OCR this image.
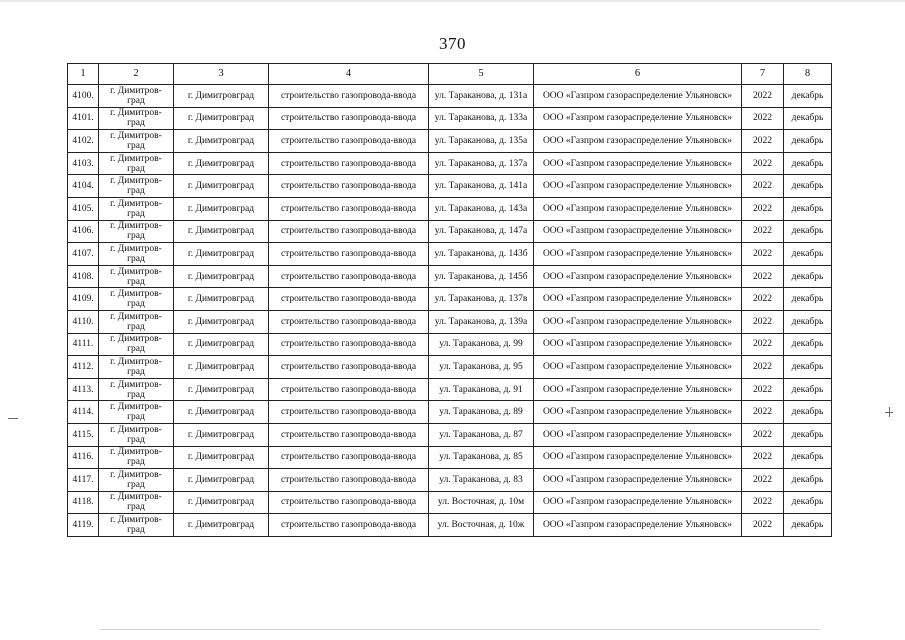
370
1	2	3	4	5	6	7	8
4100.	г. Димитров-град	г. Димитровград	строительство газопровода-ввода	ул. Тараканова, д. 131а	ООО «Газпром газораспределение Ульяновск»	2022	декабрь
4101.	г. Димитров-град	г. Димитровград	строительство газопровода-ввода	ул. Тараканова, д. 133а	ООО «Газпром газораспределение Ульяновск»	2022	декабрь
4102.	г. Димитров-град	г. Димитровград	строительство газопровода-ввода	ул. Тараканова, д. 135а	ООО «Газпром газораспределение Ульяновск»	2022	декабрь
4103.	г. Димитров-град	г. Димитровград	строительство газопровода-ввода	ул. Тараканова, д. 137а	ООО «Газпром газораспределение Ульяновск»	2022	декабрь
4104.	г. Димитров-град	г. Димитровград	строительство газопровода-ввода	ул. Тараканова, д. 141а	ООО «Газпром газораспределение Ульяновск»	2022	декабрь
4105.	г. Димитров-град	г. Димитровград	строительство газопровода-ввода	ул. Тараканова, д. 143а	ООО «Газпром газораспределение Ульяновск»	2022	декабрь
4106.	г. Димитров-град	г. Димитровград	строительство газопровода-ввода	ул. Тараканова, д. 147а	ООО «Газпром газораспределение Ульяновск»	2022	декабрь
4107.	г. Димитров-град	г. Димитровград	строительство газопровода-ввода	ул. Тараканова, д. 143б	ООО «Газпром газораспределение Ульяновск»	2022	декабрь
4108.	г. Димитров-град	г. Димитровград	строительство газопровода-ввода	ул. Тараканова, д. 145б	ООО «Газпром газораспределение Ульяновск»	2022	декабрь
4109.	г. Димитров-град	г. Димитровград	строительство газопровода-ввода	ул. Тараканова, д. 137в	ООО «Газпром газораспределение Ульяновск»	2022	декабрь
4110.	г. Димитров-град	г. Димитровград	строительство газопровода-ввода	ул. Тараканова, д. 139а	ООО «Газпром газораспределение Ульяновск»	2022	декабрь
4111.	г. Димитров-град	г. Димитровград	строительство газопровода-ввода	ул. Тараканова, д. 99	ООО «Газпром газораспределение Ульяновск»	2022	декабрь
4112.	г. Димитров-град	г. Димитровград	строительство газопровода-ввода	ул. Тараканова, д. 95	ООО «Газпром газораспределение Ульяновск»	2022	декабрь
4113.	г. Димитров-град	г. Димитровград	строительство газопровода-ввода	ул. Тараканова, д. 91	ООО «Газпром газораспределение Ульяновск»	2022	декабрь
4114.	г. Димитров-град	г. Димитровград	строительство газопровода-ввода	ул. Тараканова, д. 89	ООО «Газпром газораспределение Ульяновск»	2022	декабрь
4115.	г. Димитров-град	г. Димитровград	строительство газопровода-ввода	ул. Тараканова, д. 87	ООО «Газпром газораспределение Ульяновск»	2022	декабрь
4116.	г. Димитров-град	г. Димитровград	строительство газопровода-ввода	ул. Тараканова, д. 85	ООО «Газпром газораспределение Ульяновск»	2022	декабрь
4117.	г. Димитров-град	г. Димитровград	строительство газопровода-ввода	ул. Тараканова, д. 83	ООО «Газпром газораспределение Ульяновск»	2022	декабрь
4118.	г. Димитров-град	г. Димитровград	строительство газопровода-ввода	ул. Восточная, д. 10м	ООО «Газпром газораспределение Ульяновск»	2022	декабрь
4119.	г. Димитров-град	г. Димитровград	строительство газопровода-ввода	ул. Восточная, д. 10ж	ООО «Газпром газораспределение Ульяновск»	2022	декабрь
